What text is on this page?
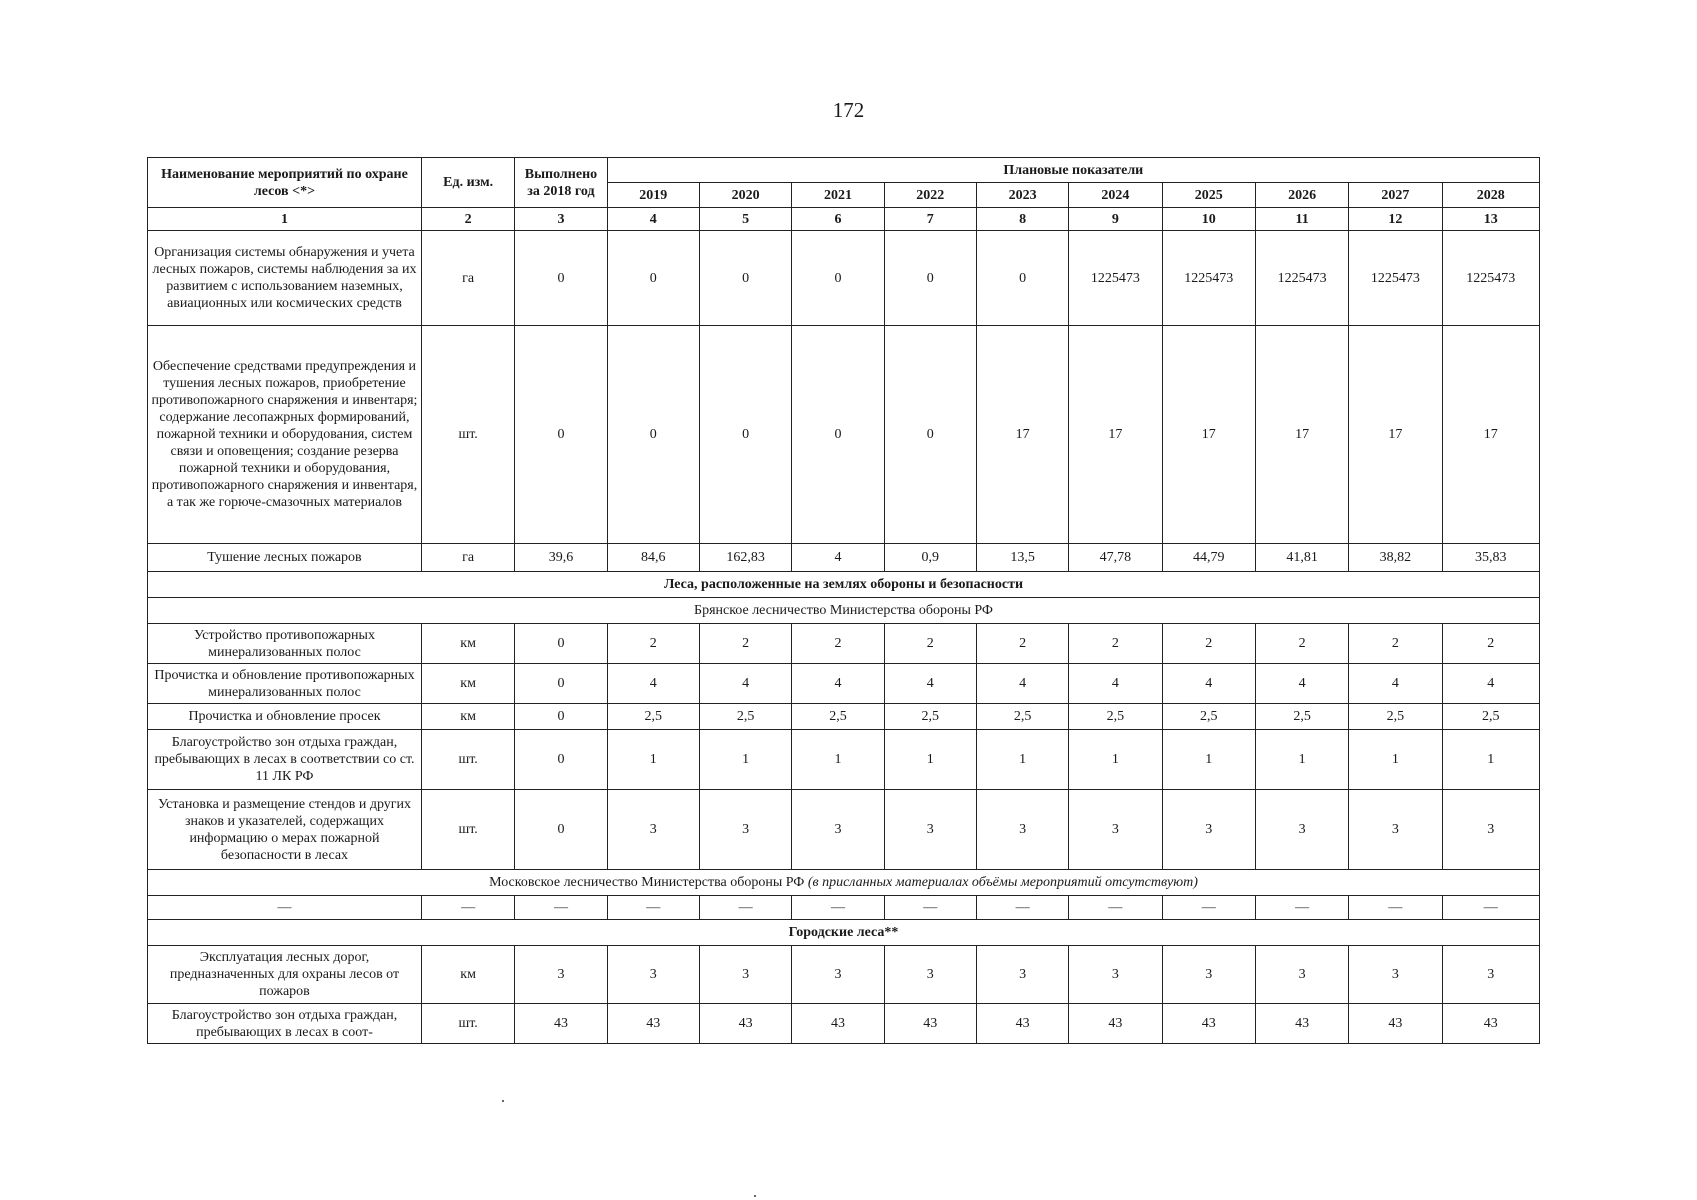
172
Наименование мероприятий по охране лесов <*>	Ед. изм.	Выполнено за 2018 год	Плановые показатели									
			2019	2020	2021	2022	2023	2024	2025	2026	2027	2028
1	2	3	4	5	6	7	8	9	10	11	12	13
Организация системы обнаружения и учета лесных пожаров, системы наблюдения за их развитием с использованием наземных, авиационных или космических средств	га	0	0	0	0	0	0	1225473	1225473	1225473	1225473	1225473
Обеспечение средствами предупреждения и тушения лесных пожаров, приобретение противопожарного снаряжения и инвентаря; содержание лесопажрных формирований, пожарной техники и оборудования, систем связи и оповещения; создание резерва пожарной техники и оборудования, противопожарного снаряжения и инвентаря, а так же горюче-смазочных материалов	шт.	0	0	0	0	0	17	17	17	17	17	17
Тушение лесных пожаров	га	39,6	84,6	162,83	4	0,9	13,5	47,78	44,79	41,81	38,82	35,83
Леса, расположенные на землях обороны и безопасности												
Брянское лесничество Министерства обороны РФ												
Устройство противопожарных минерализованных полос	км	0	2	2	2	2	2	2	2	2	2	2
Прочистка и обновление противопожарных минерализованных полос	км	0	4	4	4	4	4	4	4	4	4	4
Прочистка и обновление просек	км	0	2,5	2,5	2,5	2,5	2,5	2,5	2,5	2,5	2,5	2,5
Благоустройство зон отдыха граждан, пребывающих в лесах в соответствии со ст. 11 ЛК РФ	шт.	0	1	1	1	1	1	1	1	1	1	1
Установка и размещение стендов и других знаков и указателей, содержащих информацию о мерах пожарной безопасности в лесах	шт.	0	3	3	3	3	3	3	3	3	3	3
Московское лесничество Министерства обороны РФ (в присланных материалах объёмы мероприятий отсутствуют)												
—	—	—	—	—	—	—	—	—	—	—	—	—
Городские леса**												
Эксплуатация лесных дорог, предназначенных для охраны лесов от пожаров	км	3	3	3	3	3	3	3	3	3	3	3
Благоустройство зон отдыха граждан, пребывающих в лесах в соот-	шт.	43	43	43	43	43	43	43	43	43	43	43
